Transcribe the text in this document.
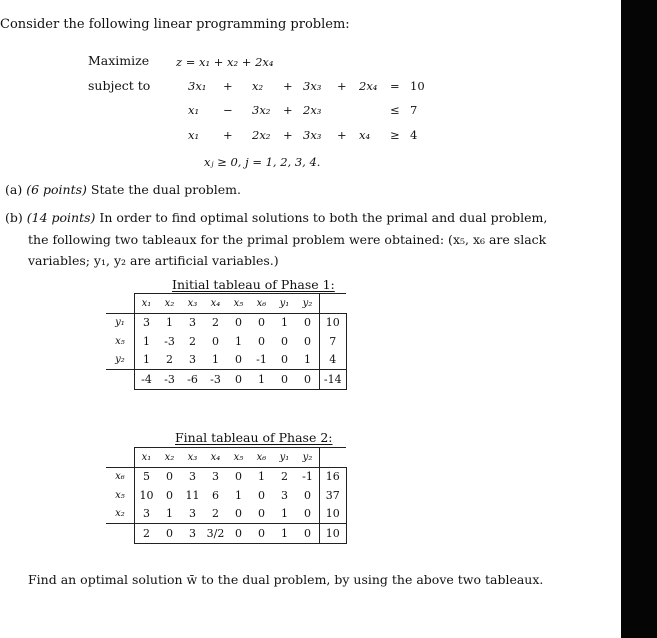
Consider the following linear programming problem:
Maximize z = x₁ + x₂ + 2x₄
subject to	3x₁ + x₂ + 3x₃ + 2x₄ = 10
x₁ − 3x₂ + 2x₃	≤ 7
x₁ + 2x₂ + 3x₃ + x₄ ≥ 4
xⱼ ≥ 0, j = 1, 2, 3, 4.
(a) (6 points) State the dual problem.
(b) (14 points) In order to find optimal solutions to both the primal and dual problem,
the following two tableaux for the primal problem were obtained: (x₅, x₆ are slack
variables; y₁, y₂ are artificial variables.)
Initial tableau of Phase 1:
	x₁	x₂	x₃	x₄	x₅	x₆	y₁	y₂	
y₁	3	1	3	2	0	0	1	0	10
x₅	1	-3	2	0	1	0	0	0	7
y₂	1	2	3	1	0	-1	0	1	4
	-4	-3	-6	-3	0	1	0	0	-14
Final tableau of Phase 2:
	x₁	x₂	x₃	x₄	x₅	x₆	y₁	y₂	
x₆	5	0	3	3	0	1	2	-1	16
x₅	10	0	11	6	1	0	3	0	37
x₂	3	1	3	2	0	0	1	0	10
	2	0	3	3/2	0	0	1	0	10
Find an optimal solution w̄ to the dual problem, by using the above two tableaux.
